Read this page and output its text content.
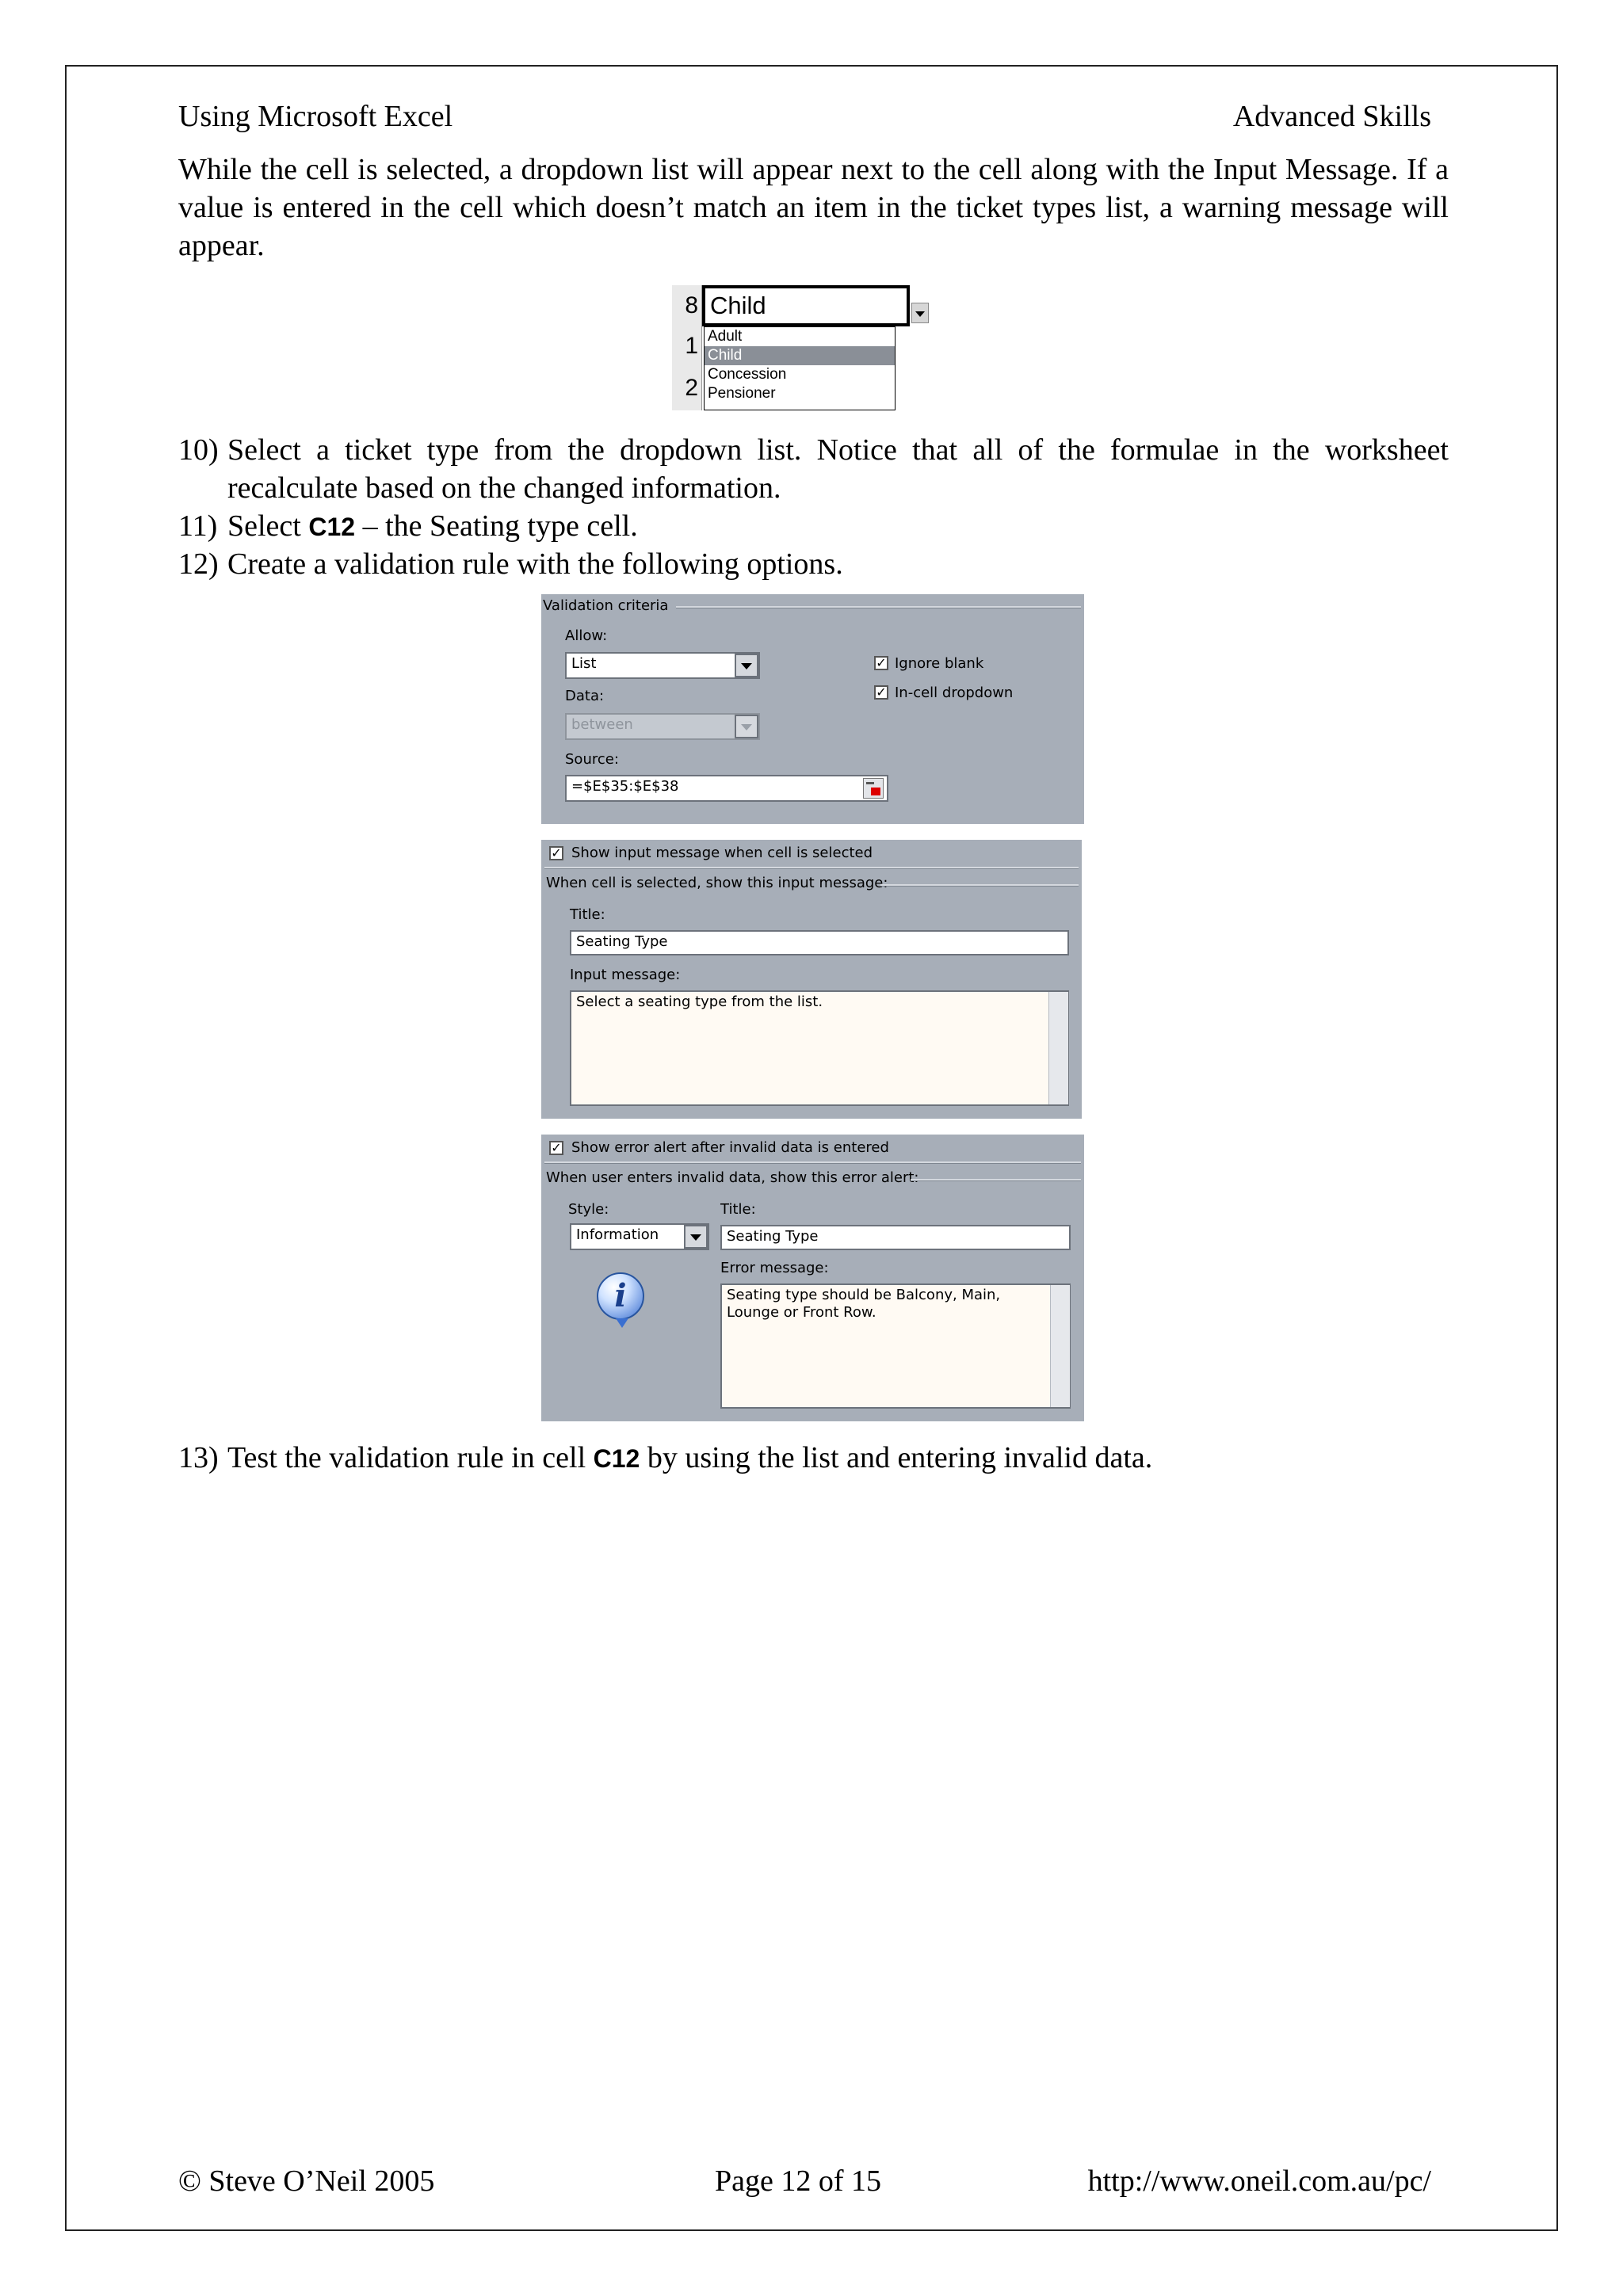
Using Microsoft Excel	Advanced Skills

While the cell is selected, a dropdown list will appear next to the cell along with the Input Message. If a value is entered in the cell which doesn’t match an item in the ticket types list, a warning message will appear.

8
1
2
Child
Adult
Child
Concession
Pensioner
10) Select a ticket type from the dropdown list. Notice that all of the formulae in the worksheet recalculate based on the changed information.
11) Select C12 – the Seating type cell.
12) Create a validation rule with the following options.
Validation criteria
Allow:
List
Data:
between
Source:
=$E$35:$E$38
✓ Ignore blank
✓ In-cell dropdown
✓ Show input message when cell is selected
When cell is selected, show this input message:
Title:
Seating Type
Input message:
Select a seating type from the list.
✓ Show error alert after invalid data is entered
When user enters invalid data, show this error alert:
Style:
Information
i
Title:
Seating Type
Error message:
Seating type should be Balcony, Main, Lounge or Front Row.
13) Test the validation rule in cell C12 by using the list and entering invalid data.
© Steve O’Neil 2005	Page 12 of 15	http://www.oneil.com.au/pc/
